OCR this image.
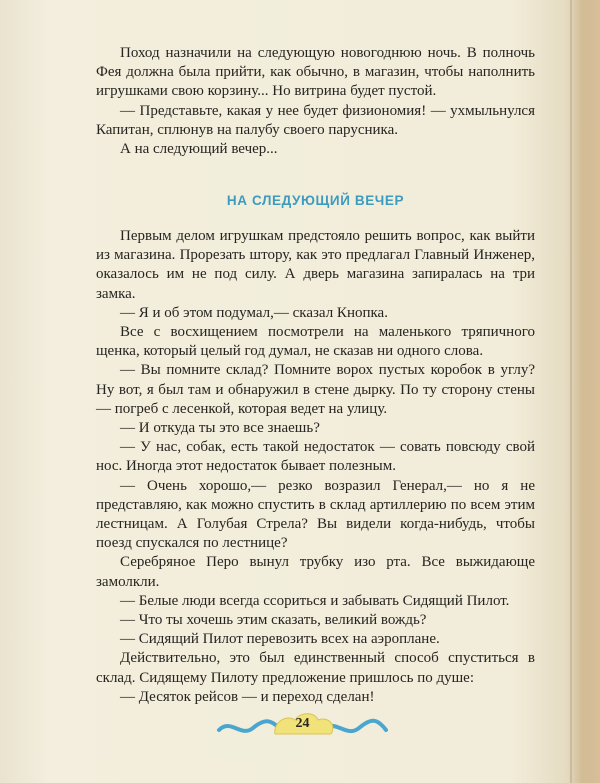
Поход назначили на следующую новогоднюю ночь. В полночь Фея должна была прийти, как обычно, в магазин, чтобы наполнить игрушками свою корзину... Но витрина будет пустой.

— Представьте, какая у нее будет физиономия! — ухмыльнулся Капитан, сплюнув на палубу своего парусника.

А на следующий вечер...

НА СЛЕДУЮЩИЙ ВЕЧЕР

Первым делом игрушкам предстояло решить вопрос, как выйти из магазина. Прорезать штору, как это предлагал Главный Инженер, оказалось им не под силу. А дверь магазина запиралась на три замка.

— Я и об этом подумал,— сказал Кнопка.

Все с восхищением посмотрели на маленького тряпичного щенка, который целый год думал, не сказав ни одного слова.

— Вы помните склад? Помните ворох пустых коробок в углу? Ну вот, я был там и обнаружил в стене дырку. По ту сторону стены — погреб с лесенкой, которая ведет на улицу.

— И откуда ты это все знаешь?

— У нас, собак, есть такой недостаток — совать повсюду свой нос. Иногда этот недостаток бывает полезным.

— Очень хорошо,— резко возразил Генерал,— но я не представляю, как можно спустить в склад артиллерию по всем этим лестницам. А Голубая Стрела? Вы видели когда-нибудь, чтобы поезд спускался по лестнице?

Серебряное Перо вынул трубку изо рта. Все выжидающе замолкли.

— Белые люди всегда ссориться и забывать Сидящий Пилот.

— Что ты хочешь этим сказать, великий вождь?

— Сидящий Пилот перевозить всех на аэроплане.

Действительно, это был единственный способ спуститься в склад. Сидящему Пилоту предложение пришлось по душе:

— Десяток рейсов — и переход сделан!

24
